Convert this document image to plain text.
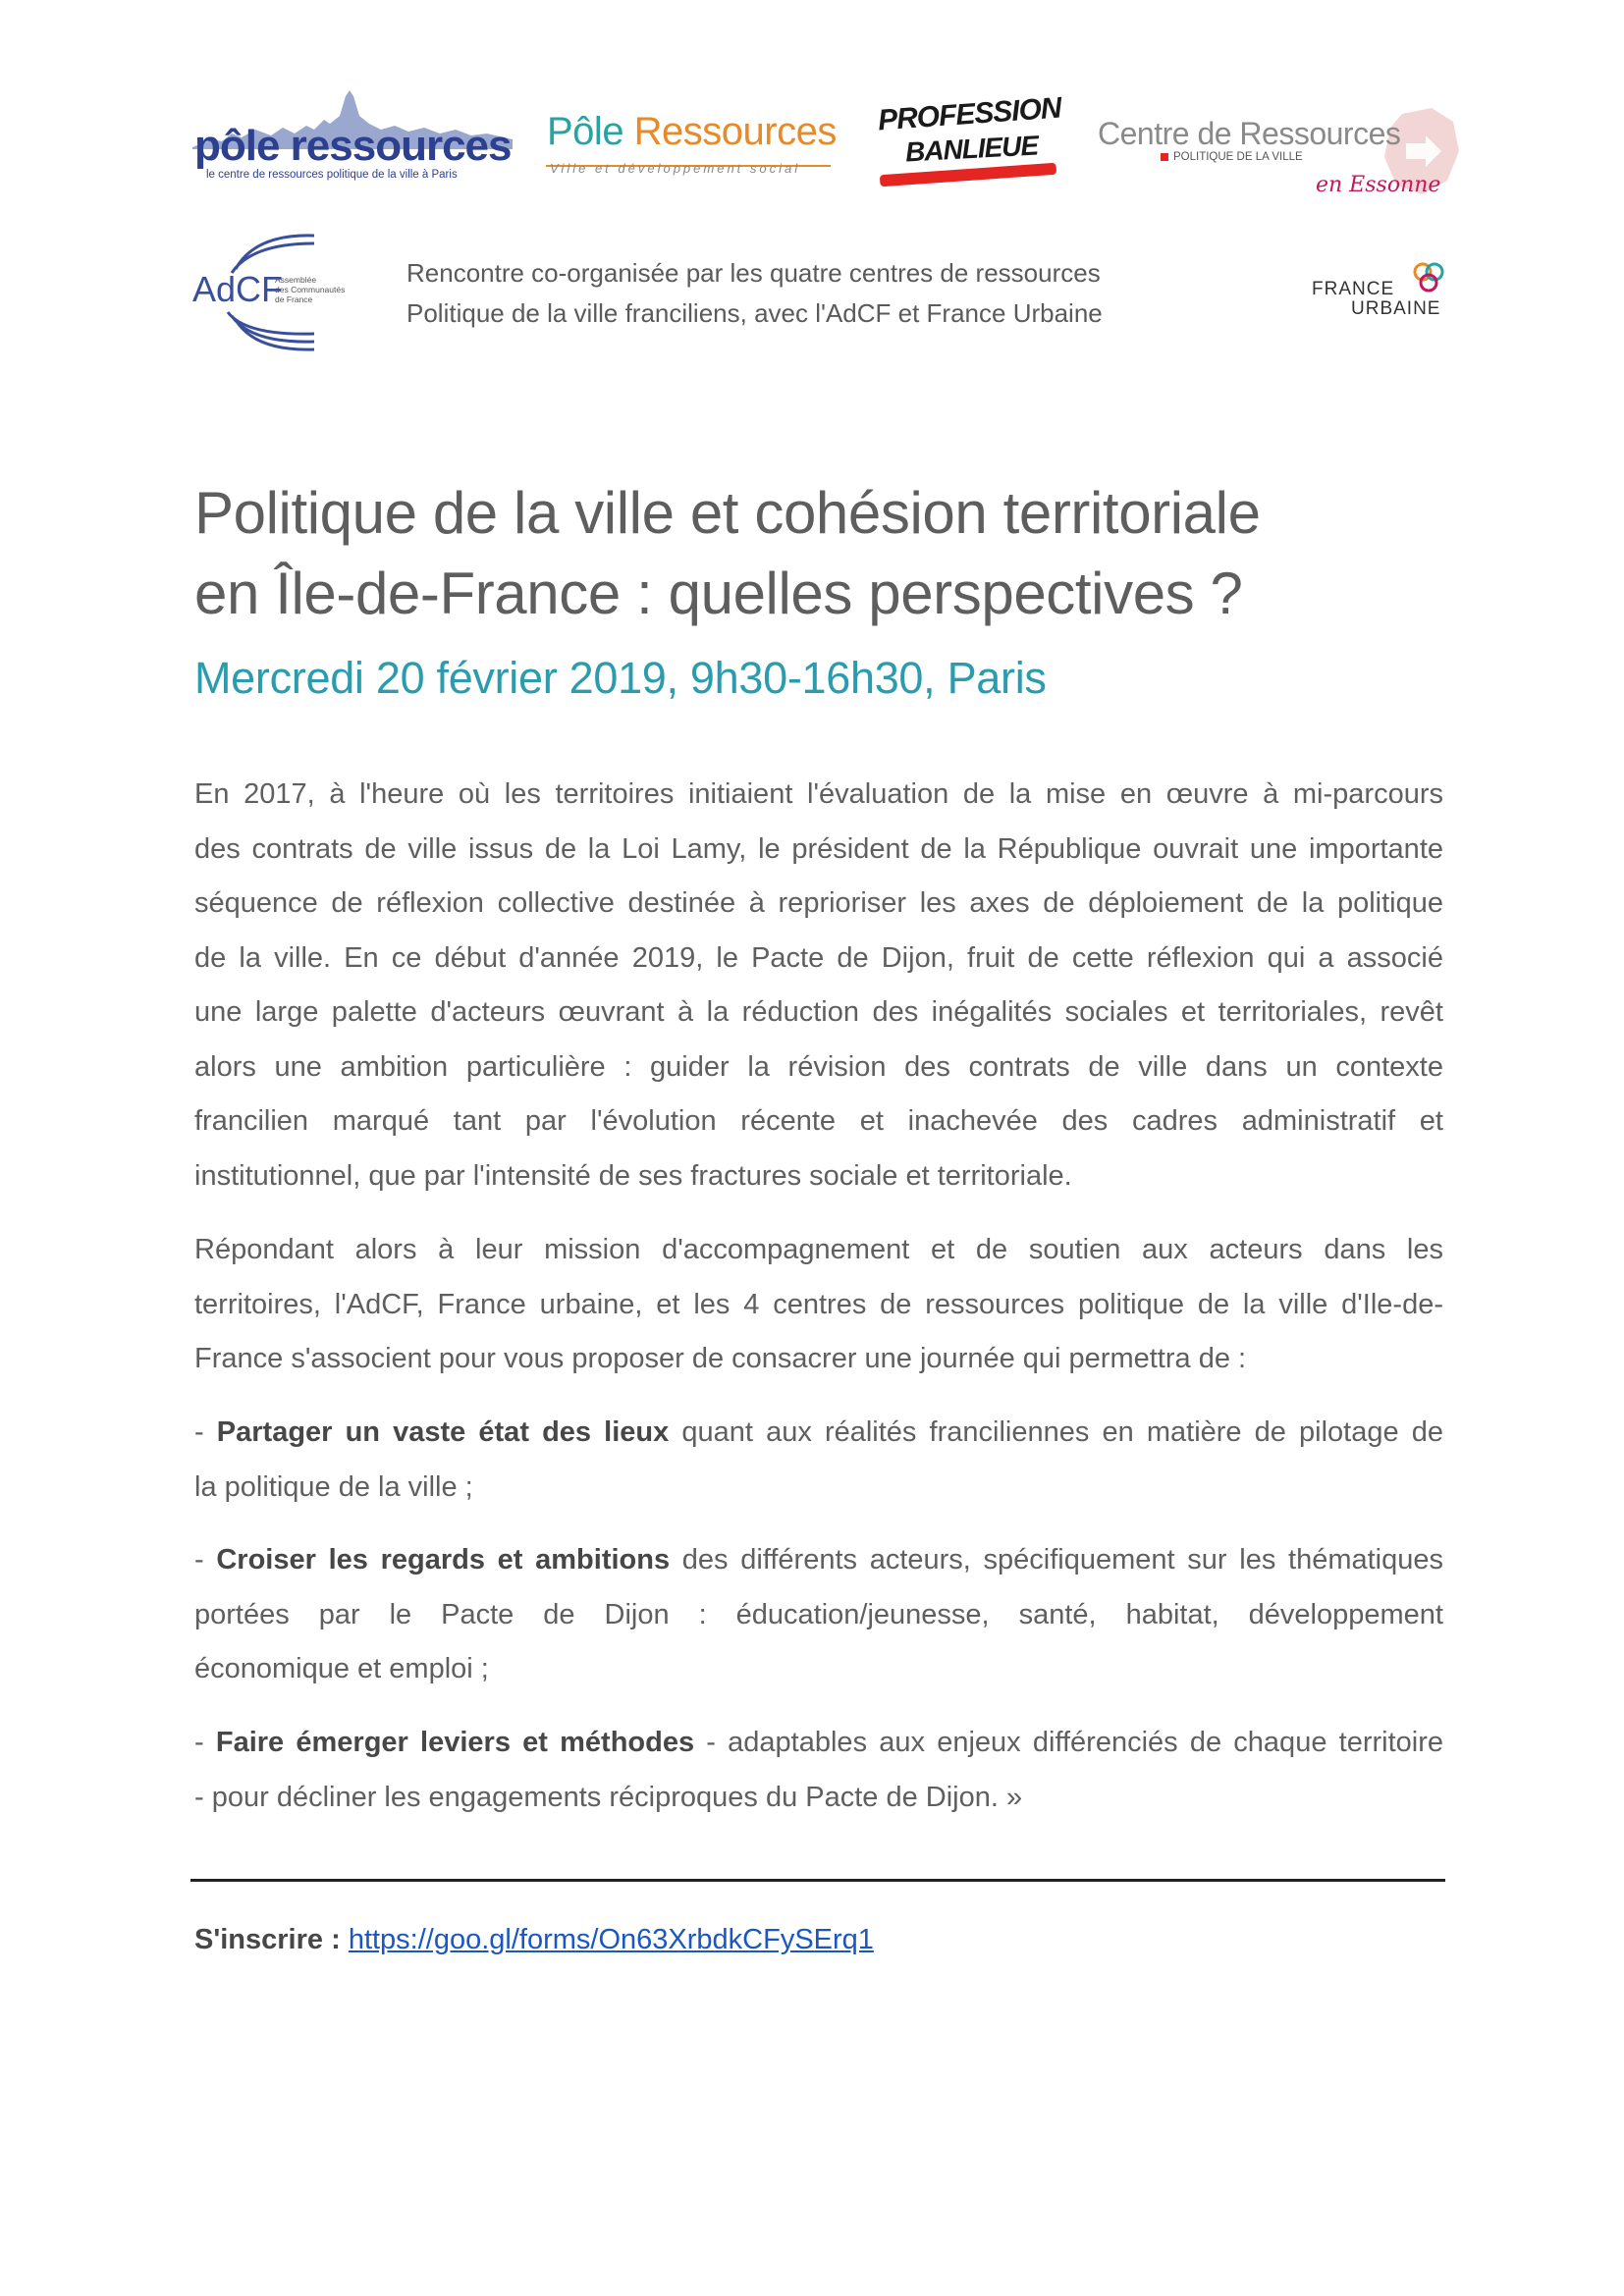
pôle ressources
le centre de ressources politique de la ville à Paris
Pôle Ressources
Ville et développement social
PROFESSION
BANLIEUE Centre de Ressources
POLITIQUE DE LA VILLE
en Essonne
AdCF
Assemblée
des Communautés
de France	FRANCE
URBAINE
Rencontre co-organisée par les quatre centres de ressources
Politique de la ville franciliens, avec l'AdCF et France Urbaine
Politique de la ville et cohésion territoriale
en Île-de-France : quelles perspectives ?
Mercredi 20 février 2019, 9h30-16h30, Paris
En 2017, à l'heure où les territoires initiaient l'évaluation de la mise en œuvre à mi-parcours
des contrats de ville issus de la Loi Lamy, le président de la République ouvrait une importante
séquence de réflexion collective destinée à reprioriser les axes de déploiement de la politique
de la ville. En ce début d'année 2019, le Pacte de Dijon, fruit de cette réflexion qui a associé
une large palette d'acteurs œuvrant à la réduction des inégalités sociales et territoriales, revêt
alors une ambition particulière : guider la révision des contrats de ville dans un contexte
francilien marqué tant par l'évolution récente et inachevée des cadres administratif et
institutionnel, que par l'intensité de ses fractures sociale et territoriale.
Répondant alors à leur mission d'accompagnement et de soutien aux acteurs dans les
territoires, l'AdCF, France urbaine, et les 4 centres de ressources politique de la ville d'Ile-de-
France s'associent pour vous proposer de consacrer une journée qui permettra de :
- Partager un vaste état des lieux quant aux réalités franciliennes en matière de pilotage de
la politique de la ville ;
- Croiser les regards et ambitions des différents acteurs, spécifiquement sur les thématiques
portées par le Pacte de Dijon : éducation/jeunesse, santé, habitat, développement
économique et emploi ;
- Faire émerger leviers et méthodes - adaptables aux enjeux différenciés de chaque territoire
- pour décliner les engagements réciproques du Pacte de Dijon. »
S'inscrire : https://goo.gl/forms/On63XrbdkCFySErq1
